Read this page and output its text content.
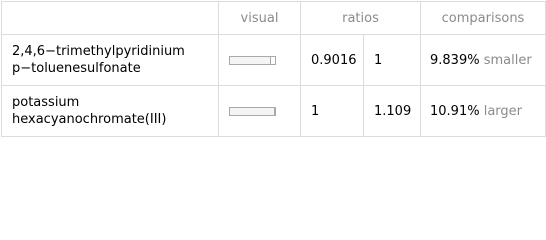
	visual	ratios		comparisons

2,4,6−trimethylpyridinium
p−toluenesulfonate		0.9016	1	9.839% smaller

potassium
hexacyanochromate(III)		1	1.109	10.91% larger
